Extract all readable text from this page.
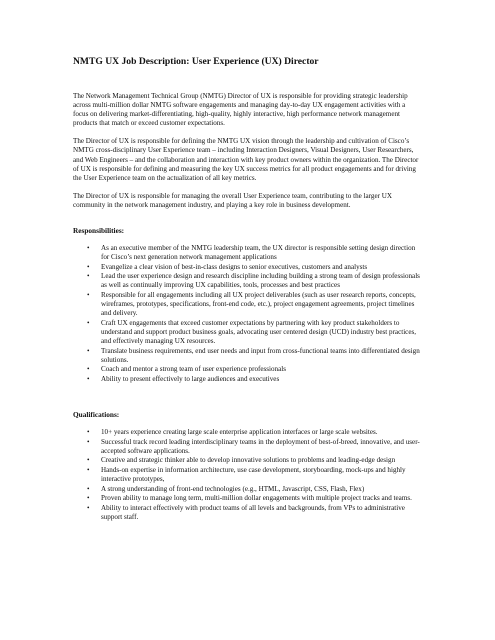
NMTG UX Job Description: User Experience (UX) Director

The Network Management Technical Group (NMTG) Director of UX is responsible for providing strategic leadership across multi-million dollar NMTG software engagements and managing day-to-day UX engagement activities with a focus on delivering market-differentiating, high-quality, highly interactive, high performance network management products that match or exceed customer expectations.

The Director of UX is responsible for defining the NMTG UX vision through the leadership and cultivation of Cisco’s NMTG cross-disciplinary User Experience team – including Interaction Designers, Visual Designers, User Researchers, and Web Engineers – and the collaboration and interaction with key product owners within the organization. The Director of UX is responsible for defining and measuring the key UX success metrics for all product engagements and for driving the User Experience team on the actualization of all key metrics.

The Director of UX is responsible for managing the overall User Experience team, contributing to the larger UX community in the network management industry, and playing a key role in business development.

Responsibilities:
• As an executive member of the NMTG leadership team, the UX director is responsible setting design direction for Cisco’s next generation network management applications
• Evangelize a clear vision of best-in-class designs to senior executives, customers and analysts
• Lead the user experience design and research discipline including building a strong team of design professionals as well as continually improving UX capabilities, tools, processes and best practices
• Responsible for all engagements including all UX project deliverables (such as user research reports, concepts, wireframes, prototypes, specifications, front-end code, etc.), project engagement agreements, project timelines and delivery.
• Craft UX engagements that exceed customer expectations by partnering with key product stakeholders to understand and support product business goals, advocating user centered design (UCD) industry best practices, and effectively managing UX resources.
• Translate business requirements, end user needs and input from cross-functional teams into differentiated design solutions.
• Coach and mentor a strong team of user experience professionals
• Ability to present effectively to large audiences and executives
Qualifications:
• 10+ years experience creating large scale enterprise application interfaces or large scale websites.
• Successful track record leading interdisciplinary teams in the deployment of best-of-breed, innovative, and user-accepted software applications.
• Creative and strategic thinker able to develop innovative solutions to problems and leading-edge design
• Hands-on expertise in information architecture, use case development, storyboarding, mock-ups and highly interactive prototypes,
• A strong understanding of front-end technologies (e.g., HTML, Javascript, CSS, Flash, Flex)
• Proven ability to manage long term, multi-million dollar engagements with multiple project tracks and teams.
• Ability to interact effectively with product teams of all levels and backgrounds, from VPs to administrative support staff.
